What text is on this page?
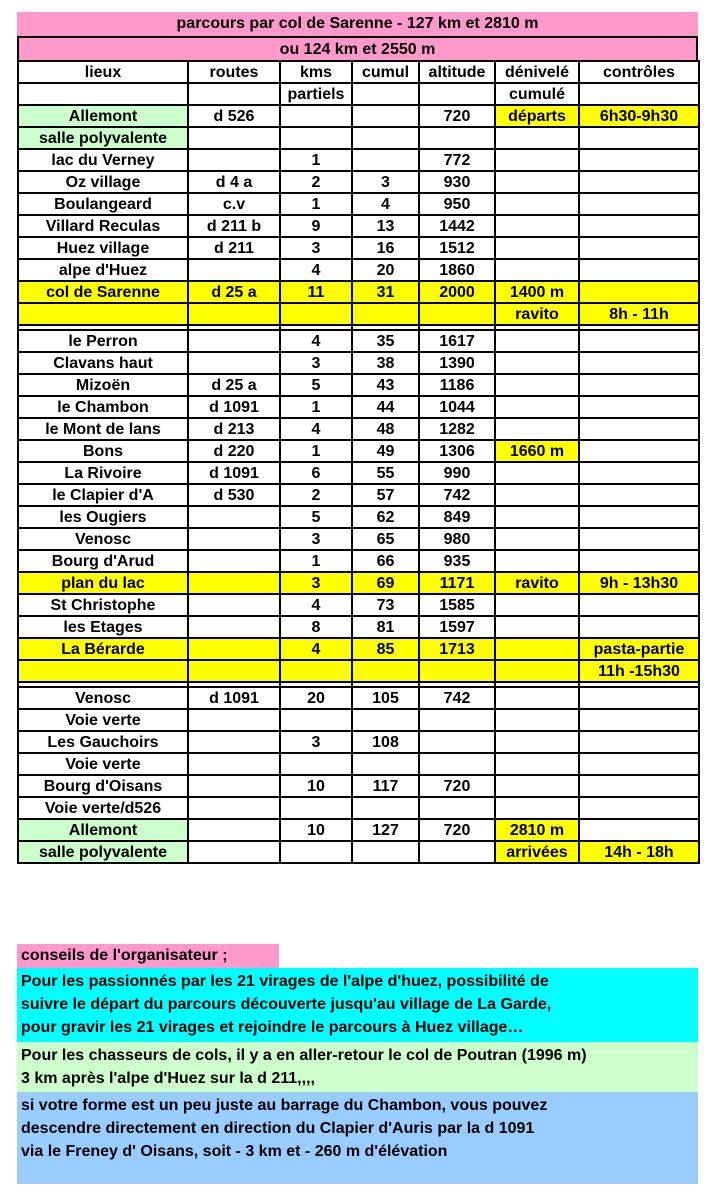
parcours par col de Sarenne - 127 km et 2810 m
ou 124 km et 2550 m
lieux	routes	kms	cumul	altitude	dénivelé	contrôles
		partiels			cumulé	
Allemont	d 526			720	départs	6h30-9h30
salle polyvalente						
lac du Verney		1		772		
Oz village	d 4 a	2	3	930		
Boulangeard	c.v	1	4	950		
Villard Reculas	d 211 b	9	13	1442		
Huez village	d 211	3	16	1512		
alpe d'Huez		4	20	1860		
col de Sarenne	d 25 a	11	31	2000	1400 m	
					ravito	8h - 11h

le Perron		4	35	1617		
Clavans haut		3	38	1390		
Mizoën	d 25 a	5	43	1186		
le Chambon	d 1091	1	44	1044		
le Mont de lans	d 213	4	48	1282		
Bons	d 220	1	49	1306	1660 m	
La Rivoire	d 1091	6	55	990		
le Clapier d'A	d 530	2	57	742		
les Ougiers		5	62	849		
Venosc		3	65	980		
Bourg d'Arud		1	66	935		
plan du lac		3	69	1171	ravito	9h - 13h30
St Christophe		4	73	1585		
les Etages		8	81	1597		
La Bérarde		4	85	1713		pasta-partie
						11h -15h30

Venosc	d 1091	20	105	742		
Voie verte						
Les Gauchoirs		3	108			
Voie verte						
Bourg d'Oisans		10	117	720		
Voie verte/d526						
Allemont		10	127	720	2810 m	
salle polyvalente					arrivées	14h - 18h
conseils de l'organisateur ;
Pour les passionnés par les 21 virages de l'alpe d'huez, possibilité de
suivre le départ du parcours découverte jusqu'au village de La Garde,
pour gravir les 21 virages et rejoindre le parcours à Huez village…
Pour les chasseurs de cols, il y a en aller-retour le col de Poutran (1996 m)
3 km après l'alpe d'Huez sur la d 211,,,,
si votre forme est un peu juste au barrage du Chambon, vous pouvez
descendre directement en direction du Clapier d'Auris par la d 1091
via le Freney d' Oisans, soit - 3 km et - 260 m d'élévation
